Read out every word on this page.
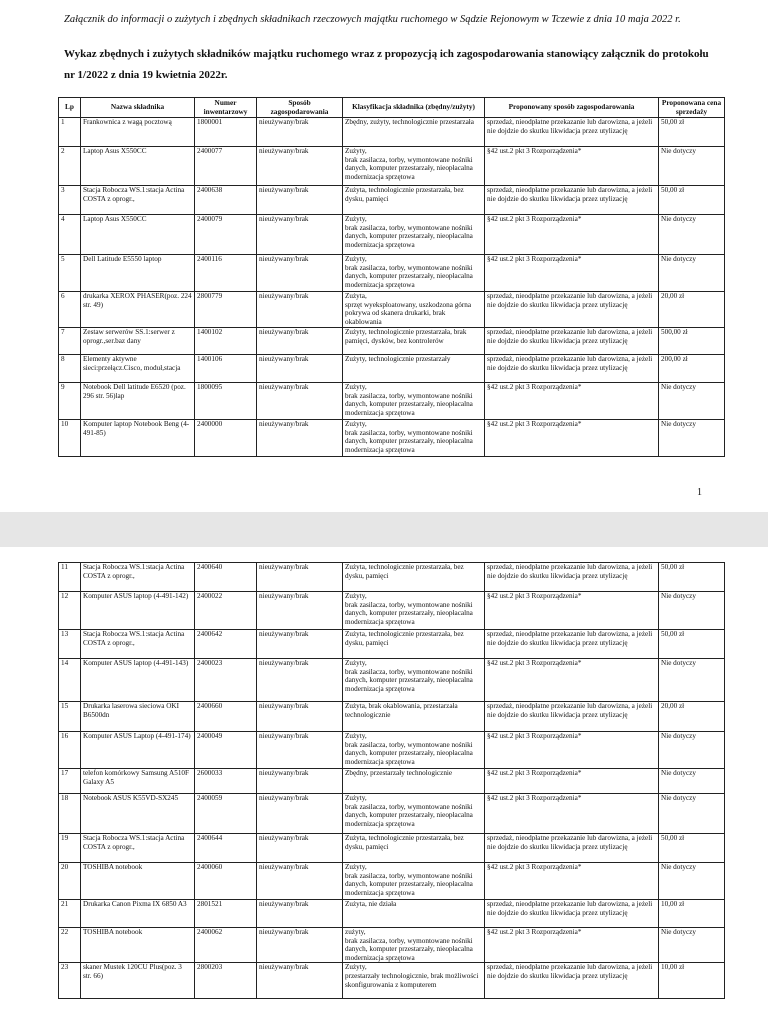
Załącznik do informacji o zużytych i zbędnych składnikach rzeczowych majątku ruchomego w Sądzie Rejonowym w Tczewie z dnia 10 maja 2022 r.
Wykaz zbędnych i zużytych składników majątku ruchomego wraz z propozycją ich zagospodarowania stanowiący załącznik do protokołu nr 1/2022 z dnia 19 kwietnia 2022r.
Lp	Nazwa składnika	Numer inwentarzowy	Sposób zagospodarowania	Klasyfikacja składnika (zbędny/zużyty)	Proponowany sposób zagospodarowania	Proponowana cena sprzedaży
1	Frankownica z wagą pocztową	1800001	nieużywany/brak	Zbędny, zużyty, technologicznie przestarzała	sprzedaż, nieodpłatne przekazanie lub darowizna, a jeżeli nie dojdzie do skutku likwidacja przez utylizację	50,00 zł
2	Laptop Asus X550CC	2400077	nieużywany/brak	Zużyty,
brak zasilacza, torby, wymontowane nośniki danych, komputer przestarzały, nieopłacalna modernizacja sprzętowa	§42 ust.2 pkt 3 Rozporządzenia*	Nie dotyczy
3	Stacja Robocza WS.1:stacja Actina COSTA z oprogr.,	2400638	nieużywany/brak	Zużyta, technologicznie przestarzała, bez dysku, pamięci	sprzedaż, nieodpłatne przekazanie lub darowizna, a jeżeli nie dojdzie do skutku likwidacja przez utylizację	50,00 zł
4	Laptop Asus X550CC	2400079	nieużywany/brak	Zużyty,
brak zasilacza, torby, wymontowane nośniki danych, komputer przestarzały, nieopłacalna modernizacja sprzętowa	§42 ust.2 pkt 3 Rozporządzenia*	Nie dotyczy
5	Dell Latitude E5550 laptop	2400116	nieużywany/brak	Zużyty,
brak zasilacza, torby, wymontowane nośniki danych, komputer przestarzały, nieopłacalna modernizacja sprzętowa	§42 ust.2 pkt 3 Rozporządzenia*	Nie dotyczy
6	drukarka XEROX PHASER(poz. 224 str. 49)	2800779	nieużywany/brak	Zużyta,
sprzęt wyeksploatowany, uszkodzona górna pokrywa od skanera drukarki, brak okablowania	sprzedaż, nieodpłatne przekazanie lub darowizna, a jeżeli nie dojdzie do skutku likwidacja przez utylizację	20,00 zł
7	Zestaw serwerów SS.1:serwer z oprogr.,ser.baz dany	1400102	nieużywany/brak	Zużyty, technologicznie przestarzała, brak pamięci, dysków, bez kontrolerów	sprzedaż, nieodpłatne przekazanie lub darowizna, a jeżeli nie dojdzie do skutku likwidacja przez utylizację	500,00 zł
8	Elementy aktywne sieci:przełącz.Cisco, moduł,stacja	1400106	nieużywany/brak	Zużyty, technologicznie przestarzały	sprzedaż, nieodpłatne przekazanie lub darowizna, a jeżeli nie dojdzie do skutku likwidacja przez utylizację	200,00 zł
9	Notebook Dell latitude E6520 (poz. 296 str. 56)lap	1800095	nieużywany/brak	Zużyty,
brak zasilacza, torby, wymontowane nośniki danych, komputer przestarzały, nieopłacalna modernizacja sprzętowa	§42 ust.2 pkt 3 Rozporządzenia*	Nie dotyczy
10	Komputer laptop Notebook Beng (4-491-85)	2400000	nieużywany/brak	Zużyty,
brak zasilacza, torby, wymontowane nośniki danych, komputer przestarzały, nieopłacalna modernizacja sprzętowa	§42 ust.2 pkt 3 Rozporządzenia*	Nie dotyczy
1
11	Stacja Robocza WS.1:stacja Actina COSTA z oprogr.,	2400640	nieużywany/brak	Zużyta, technologicznie przestarzała, bez dysku, pamięci	sprzedaż, nieodpłatne przekazanie lub darowizna, a jeżeli nie dojdzie do skutku likwidacja przez utylizację	50,00 zł
12	Komputer ASUS laptop (4-491-142)	2400022	nieużywany/brak	Zużyty,
brak zasilacza, torby, wymontowane nośniki danych, komputer przestarzały, nieopłacalna modernizacja sprzętowa	§42 ust.2 pkt 3 Rozporządzenia*	Nie dotyczy
13	Stacja Robocza WS.1:stacja Actina COSTA z oprogr.,	2400642	nieużywany/brak	Zużyta, technologicznie przestarzała, bez dysku, pamięci	sprzedaż, nieodpłatne przekazanie lub darowizna, a jeżeli nie dojdzie do skutku likwidacja przez utylizację	50,00 zł
14	Komputer ASUS laptop (4-491-143)	2400023	nieużywany/brak	Zużyty,
brak zasilacza, torby, wymontowane nośniki danych, komputer przestarzały, nieopłacalna modernizacja sprzętowa	§42 ust.2 pkt 3 Rozporządzenia*	Nie dotyczy
15	Drukarka laserowa sieciowa OKI B6500dn	2400660	nieużywany/brak	Zużyta, brak okablowania, przestarzała technologicznie	sprzedaż, nieodpłatne przekazanie lub darowizna, a jeżeli nie dojdzie do skutku likwidacja przez utylizację	20,00 zł
16	Komputer ASUS Laptop (4-491-174)	2400049	nieużywany/brak	Zużyty,
brak zasilacza, torby, wymontowane nośniki danych, komputer przestarzały, nieopłacalna modernizacja sprzętowa	§42 ust.2 pkt 3 Rozporządzenia*	Nie dotyczy
17	telefon komórkowy Samsung A510F Galaxy A5	2600033	nieużywany/brak	Zbędny, przestarzały technologicznie	§42 ust.2 pkt 3 Rozporządzenia*	Nie dotyczy
18	Notebook ASUS K55VD-SX245	2400059	nieużywany/brak	Zużyty,
brak zasilacza, torby, wymontowane nośniki danych, komputer przestarzały, nieopłacalna modernizacja sprzętowa	§42 ust.2 pkt 3 Rozporządzenia*	Nie dotyczy
19	Stacja Robocza WS.1:stacja Actina COSTA z oprogr.,	2400644	nieużywany/brak	Zużyta, technologicznie przestarzała, bez dysku, pamięci	sprzedaż, nieodpłatne przekazanie lub darowizna, a jeżeli nie dojdzie do skutku likwidacja przez utylizację	50,00 zł
20	TOSHIBA notebook	2400060	nieużywany/brak	Zużyty,
brak zasilacza, torby, wymontowane nośniki danych, komputer przestarzały, nieopłacalna modernizacja sprzętowa	§42 ust.2 pkt 3 Rozporządzenia*	Nie dotyczy
21	Drukarka Canon Pixma IX 6850 A3	2801521	nieużywany/brak	Zużyta, nie działa	sprzedaż, nieodpłatne przekazanie lub darowizna, a jeżeli nie dojdzie do skutku likwidacja przez utylizację	10,00 zł
22	TOSHIBA notebook	2400062	nieużywany/brak	zużyty,
brak zasilacza, torby, wymontowane nośniki danych, komputer przestarzały, nieopłacalna modernizacja sprzętowa	§42 ust.2 pkt 3 Rozporządzenia*	Nie dotyczy
23	skaner Mustek 120CU Plus(poz. 3 str. 66)	2800203	nieużywany/brak	Zużyty,
przestarzały technologicznie, brak możliwości skonfigurowania z komputerem	sprzedaż, nieodpłatne przekazanie lub darowizna, a jeżeli nie dojdzie do skutku likwidacja przez utylizację	10,00 zł
